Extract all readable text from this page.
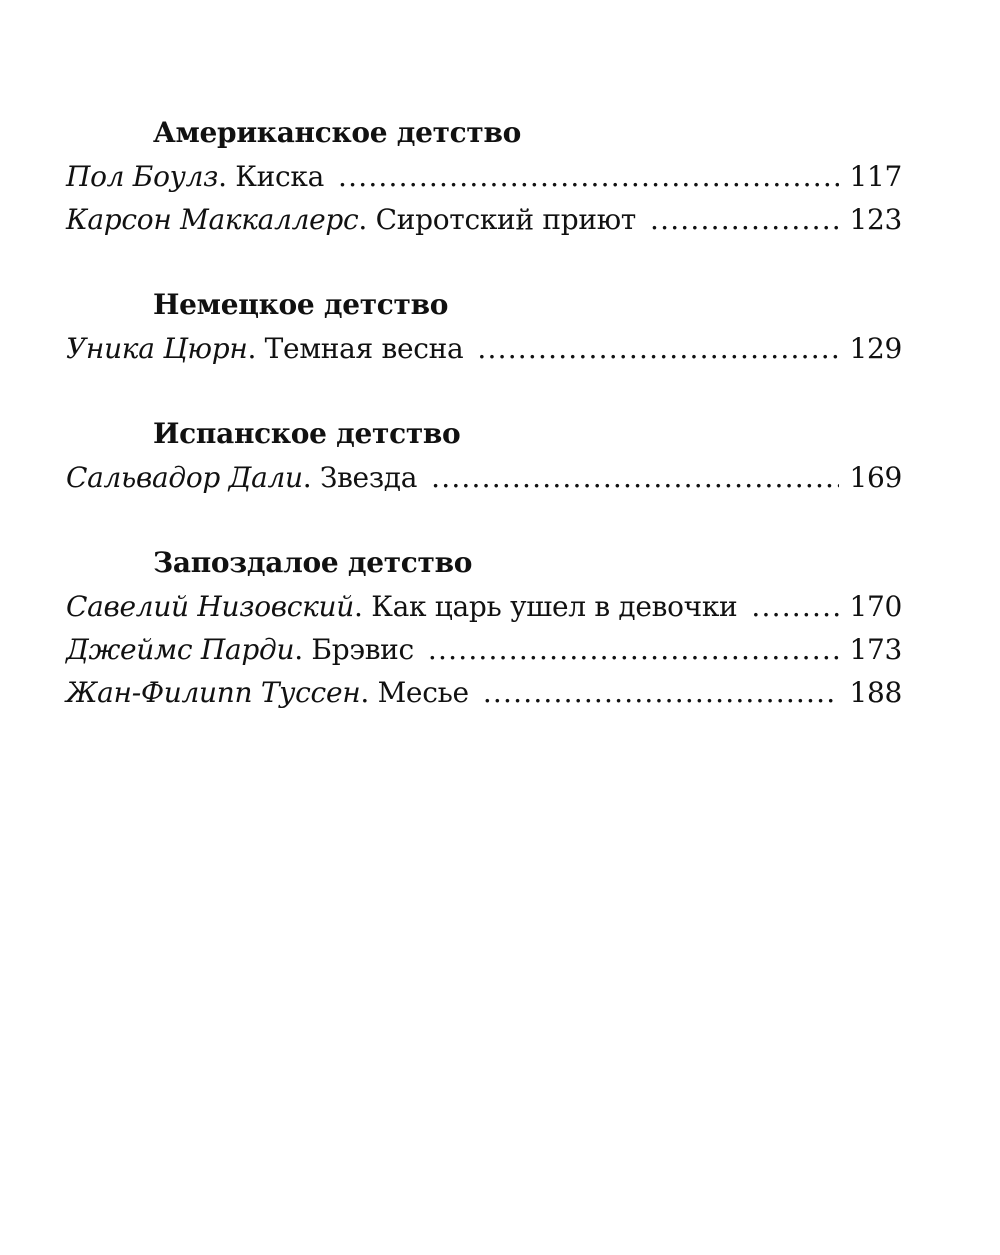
Американское детство
Пол Боулз. Киска .....	117
Карсон Маккаллерс. Сиротский приют .....	123
Немецкое детство
Уника Цюрн. Темная весна .....	129
Испанское детство
Сальвадор Дали. Звезда .....	169
Запоздалое детство
Савелий Низовский. Как царь ушел в девочки .....	170
Джеймс Парди. Брэвис .....	173
Жан-Филипп Туссен. Месье .....	188
